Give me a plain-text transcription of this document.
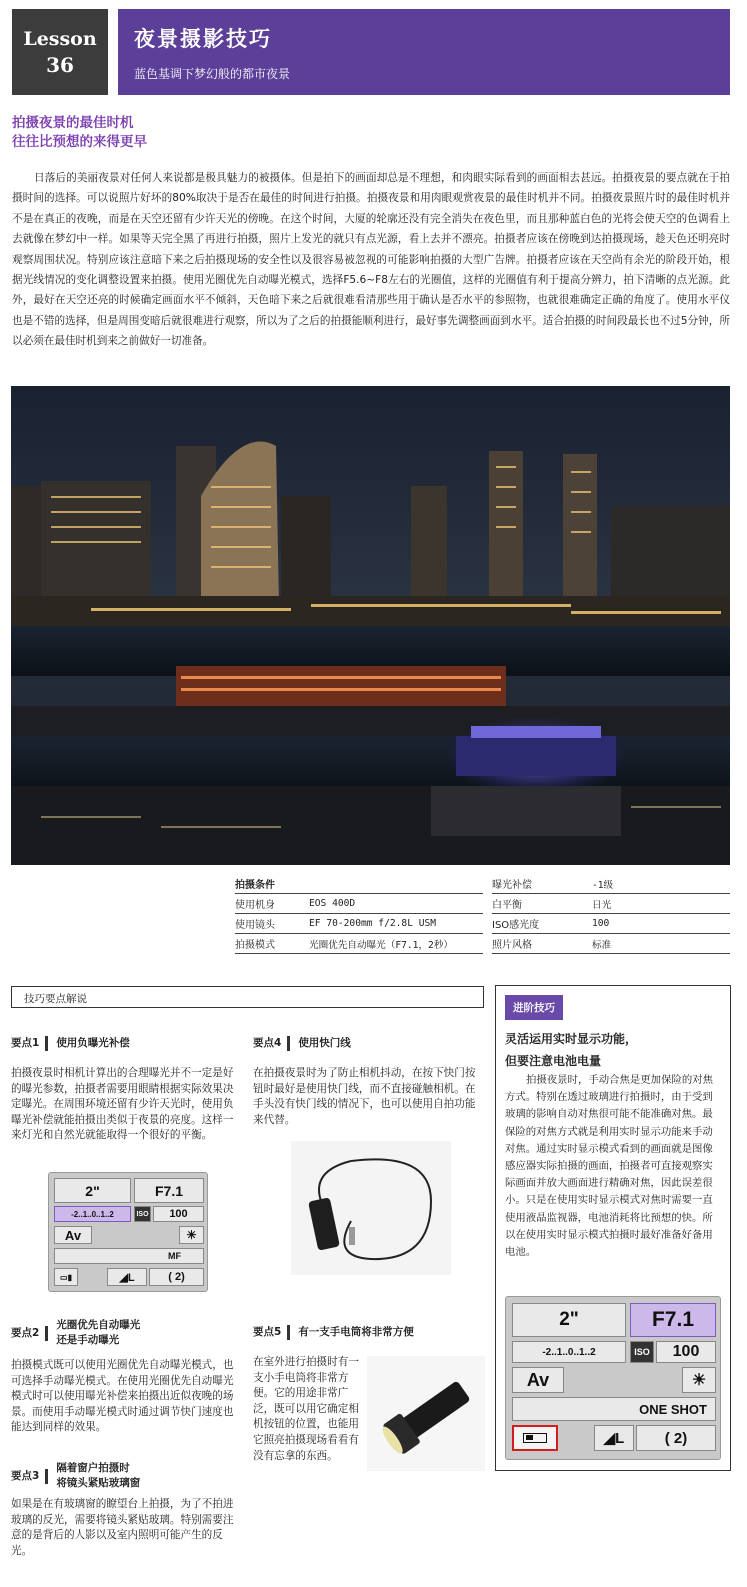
Lesson
36
夜景摄影技巧
蓝色基调下梦幻般的都市夜景
拍摄夜景的最佳时机
往往比预想的来得更早

日落后的美丽夜景对任何人来说都是极具魅力的被摄体。但是拍下的画面却总是不理想，和肉眼实际看到的画面相去甚远。拍摄夜景的要点就在于拍摄时间的选择。可以说照片好坏的80%取决于是否在最佳的时间进行拍摄。拍摄夜景和用肉眼观赏夜景的最佳时机并不同。拍摄夜景照片时的最佳时机并不是在真正的夜晚，而是在天空还留有少许天光的傍晚。在这个时间，大厦的轮廓还没有完全消失在夜色里，而且那种蓝白色的光将会使天空的色调看上去就像在梦幻中一样。如果等天完全黑了再进行拍摄，照片上发光的就只有点光源，看上去并不漂亮。拍摄者应该在傍晚到达拍摄现场，趁天色还明亮时观察周围状况。特别应该注意暗下来之后拍摄现场的安全性以及很容易被忽视的可能影响拍摄的大型广告牌。拍摄者应该在天空尚有余光的阶段开始，根据光线情况的变化调整设置来拍摄。使用光圈优先自动曝光模式，选择F5.6~F8左右的光圈值，这样的光圈值有利于提高分辨力，拍下清晰的点光源。此外，最好在天空还亮的时候确定画面水平不倾斜，天色暗下来之后就很难看清那些用于确认是否水平的参照物，也就很难确定正确的角度了。使用水平仪也是不错的选择，但是周围变暗后就很难进行观察，所以为了之后的拍摄能顺利进行，最好事先调整画面到水平。适合拍摄的时间段最长也不过5分钟，所以必须在最佳时机到来之前做好一切准备。

拍摄条件
使用机身	EOS 400D
使用镜头	EF 70-200mm f/2.8L USM
拍摄模式	光圈优先自动曝光（F7.1，2秒）
曝光补偿	-1级
白平衡	日光
ISO感光度	100
照片风格	标准
技巧要点解说
要点1	使用负曝光补偿

拍摄夜景时相机计算出的合理曝光并不一定是好的曝光参数，拍摄者需要用眼睛根据实际效果决定曝光。在周围环境还留有少许天光时，使用负曝光补偿就能拍摄出类似于夜景的亮度。这样一来灯光和自然光就能取得一个很好的平衡。

2"	F7.1
-2..1..0..1..2	ISO	100
Av	☀
MF
▭▮	◢L	( 2)
要点4	使用快门线

在拍摄夜景时为了防止相机抖动，在按下快门按钮时最好是使用快门线，而不直接碰触相机。在手头没有快门线的情况下，也可以使用自拍功能来代替。

要点2
光圈优先自动曝光
还是手动曝光

拍摄模式既可以使用光圈优先自动曝光模式，也可选择手动曝光模式。在使用光圈优先自动曝光模式时可以使用曝光补偿来拍摄出近似夜晚的场景。而使用手动曝光模式时通过调节快门速度也能达到同样的效果。

要点5	有一支手电筒将非常方便

在室外进行拍摄时有一支小手电筒将非常方便。它的用途非常广泛，既可以用它确定相机按钮的位置，也能用它照亮拍摄现场看看有没有忘拿的东西。

要点3
隔着窗户拍摄时
将镜头紧贴玻璃窗

如果是在有玻璃窗的瞭望台上拍摄，为了不拍进玻璃的反光，需要将镜头紧贴玻璃。特别需要注意的是背后的人影以及室内照明可能产生的反光。

进阶技巧
灵活运用实时显示功能，
但要注意电池电量

拍摄夜景时，手动合焦是更加保险的对焦方式。特别在透过玻璃进行拍摄时，由于受到玻璃的影响自动对焦很可能不能准确对焦。最保险的对焦方式就是利用实时显示功能来手动对焦。通过实时显示模式看到的画面就是图像感应器实际拍摄的画面，拍摄者可直接观察实际画面并放大画面进行精确对焦，因此误差很小。只是在使用实时显示模式对焦时需要一直使用液晶监视器，电池消耗将比预想的快。所以在使用实时显示模式拍摄时最好准备好备用电池。

2"	F7.1
-2..1..0..1..2	ISO	100
Av	☀
ONE SHOT
◢L	( 2)
